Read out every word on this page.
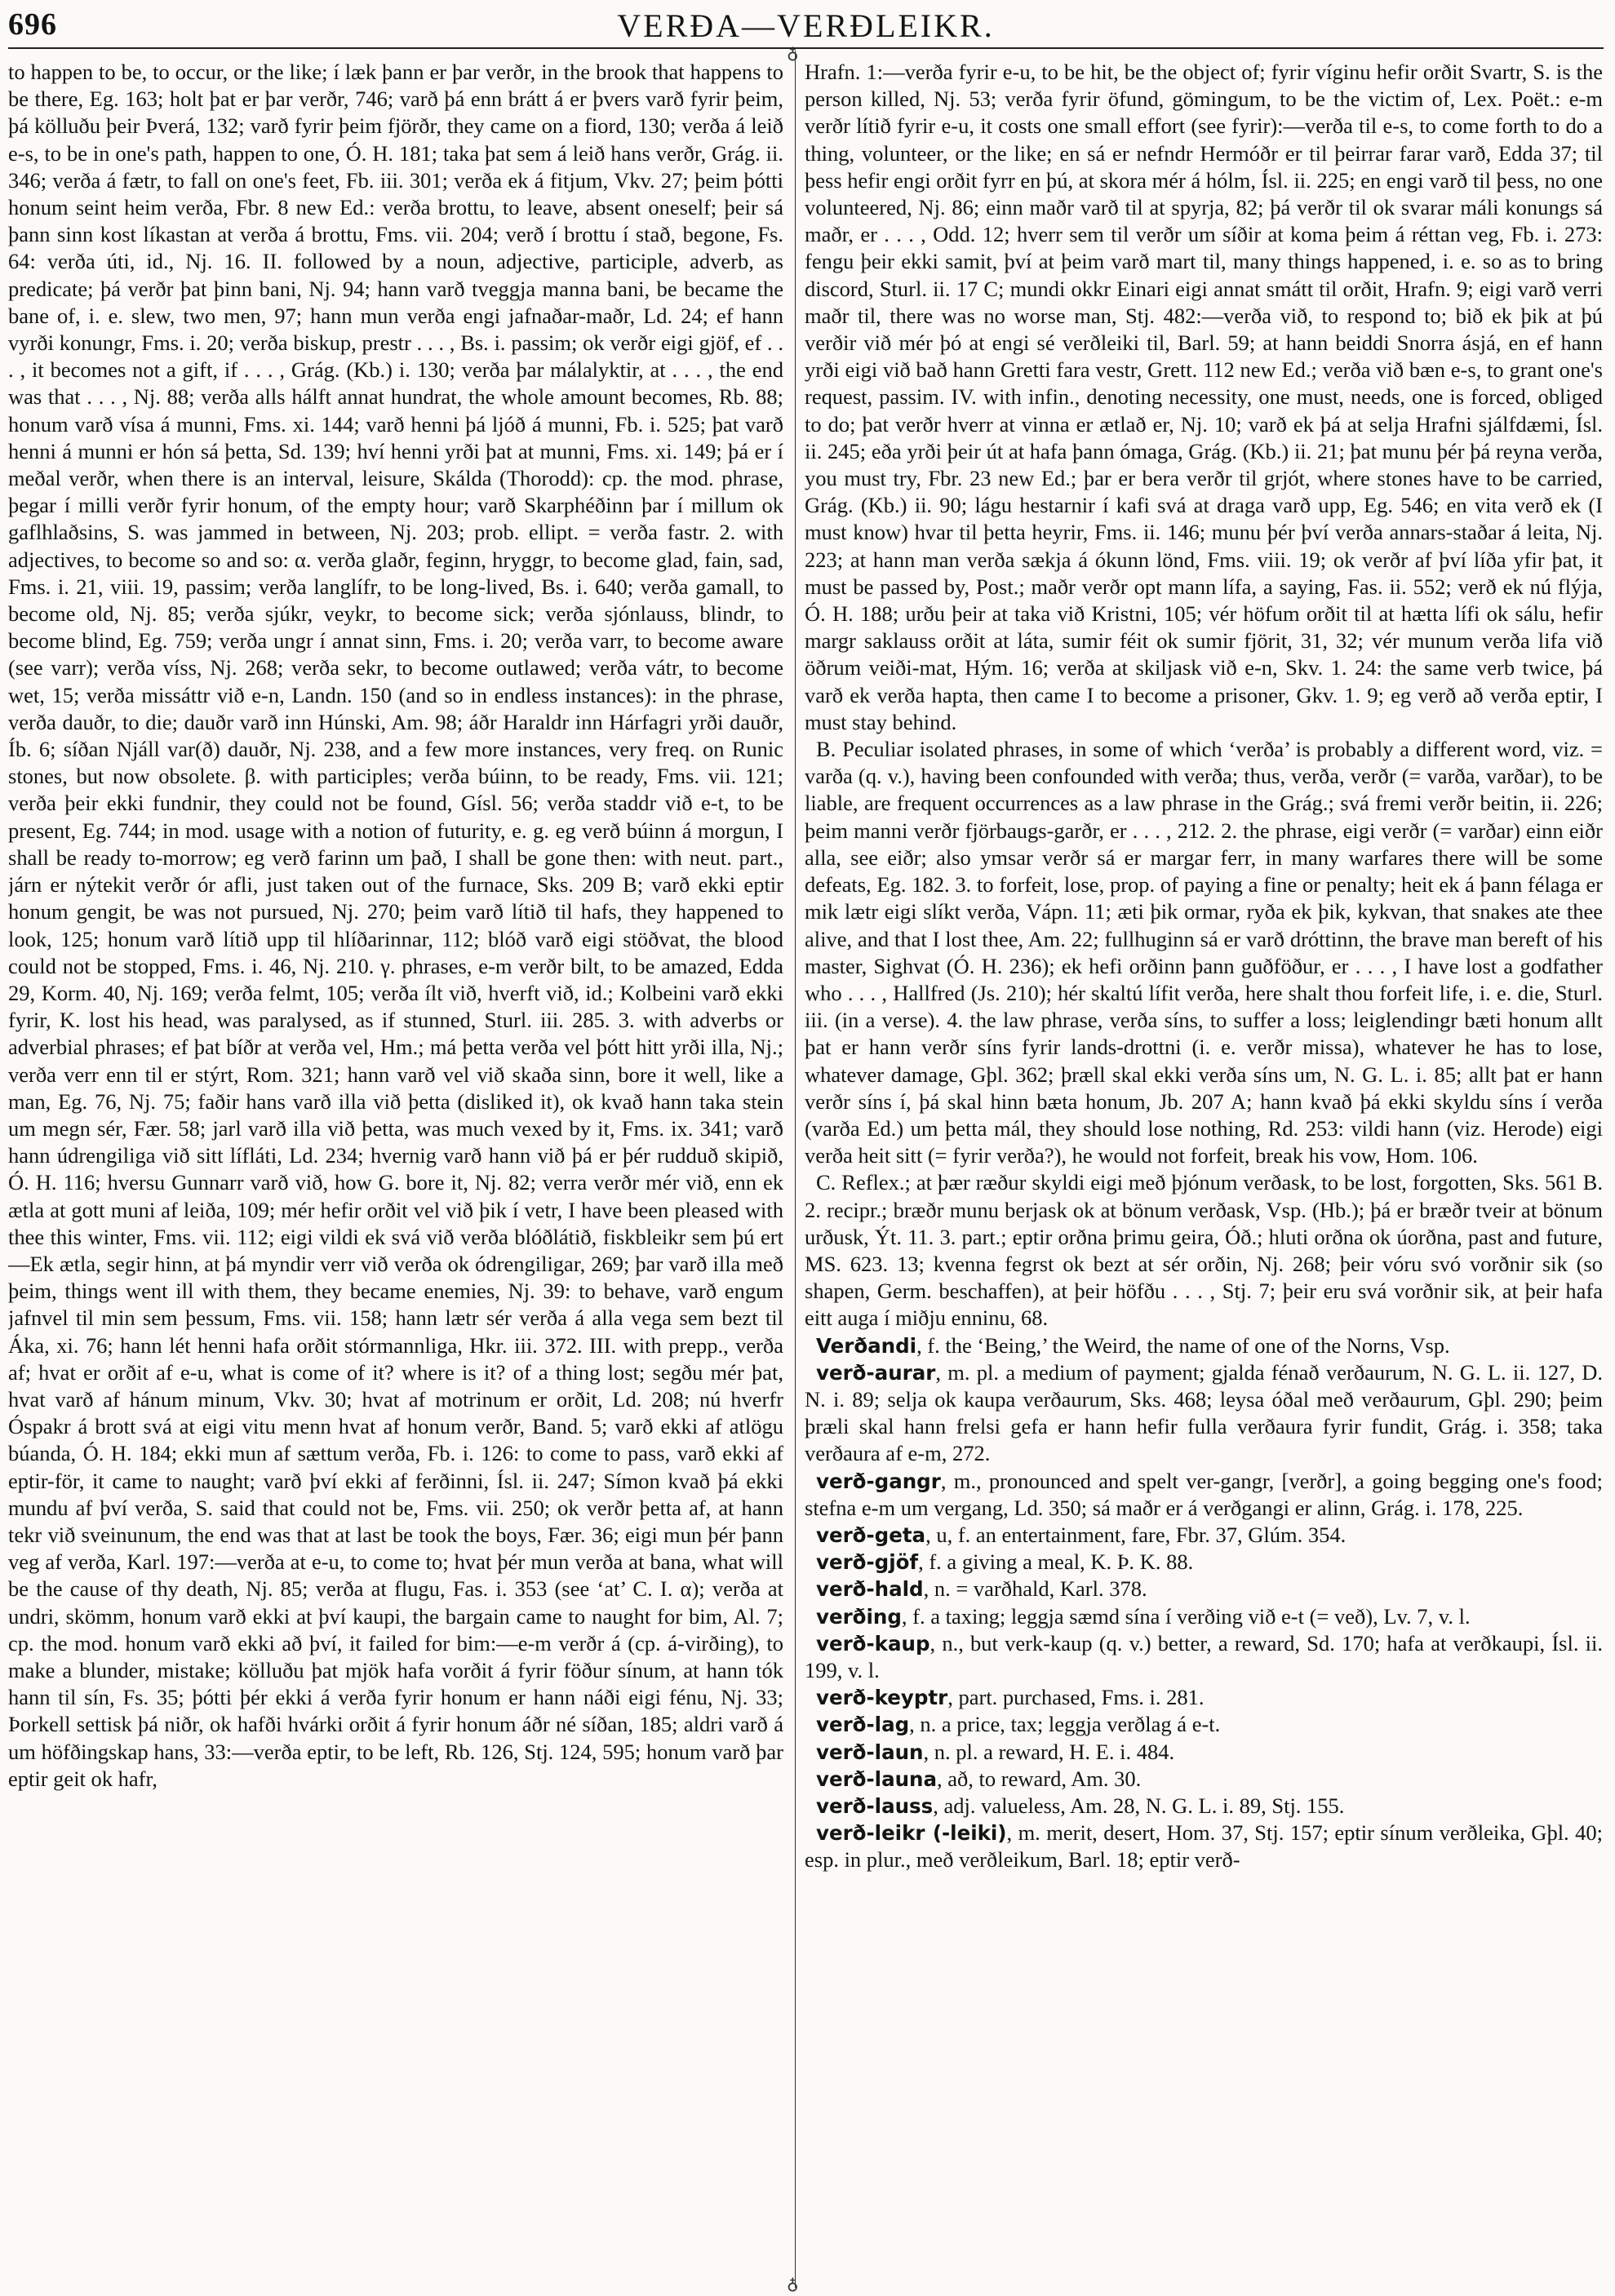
696	VERÐA—VERÐLEIKR.
♁
♁

to happen to be, to occur, or the like; í læk þann er þar verðr, in the brook that happens to be there, Eg. 163; holt þat er þar verðr, 746; varð þá enn brátt á er þvers varð fyrir þeim, þá kölluðu þeir Þverá, 132; varð fyrir þeim fjörðr, they came on a fiord, 130; verða á leið e-s, to be in one's path, happen to one, Ó. H. 181; taka þat sem á leið hans verðr, Grág. ii. 346; verða á fætr, to fall on one's feet, Fb. iii. 301; verða ek á fitjum, Vkv. 27; þeim þótti honum seint heim verða, Fbr. 8 new Ed.: verða brottu, to leave, absent oneself; þeir sá þann sinn kost líkastan at verða á brottu, Fms. vii. 204; verð í brottu í stað, begone, Fs. 64: verða úti, id., Nj. 16. II. followed by a noun, adjective, participle, adverb, as predicate; þá verðr þat þinn bani, Nj. 94; hann varð tveggja manna bani, be became the bane of, i. e. slew, two men, 97; hann mun verða engi jafnaðar-maðr, Ld. 24; ef hann vyrði konungr, Fms. i. 20; verða biskup, prestr . . . , Bs. i. passim; ok verðr eigi gjöf, ef . . . , it becomes not a gift, if . . . , Grág. (Kb.) i. 130; verða þar málalyktir, at . . . , the end was that . . . , Nj. 88; verða alls hálft annat hundrat, the whole amount becomes, Rb. 88; honum varð vísa á munni, Fms. xi. 144; varð henni þá ljóð á munni, Fb. i. 525; þat varð henni á munni er hón sá þetta, Sd. 139; hví henni yrði þat at munni, Fms. xi. 149; þá er í meðal verðr, when there is an interval, leisure, Skálda (Thorodd): cp. the mod. phrase, þegar í milli verðr fyrir honum, of the empty hour; varð Skarphéðinn þar í millum ok gaflhlaðsins, S. was jammed in between, Nj. 203; prob. ellipt. = verða fastr. 2. with adjectives, to become so and so: α. verða glaðr, feginn, hryggr, to become glad, fain, sad, Fms. i. 21, viii. 19, passim; verða langlífr, to be long-lived, Bs. i. 640; verða gamall, to become old, Nj. 85; verða sjúkr, veykr, to become sick; verða sjónlauss, blindr, to become blind, Eg. 759; verða ungr í annat sinn, Fms. i. 20; verða varr, to become aware (see varr); verða víss, Nj. 268; verða sekr, to become outlawed; verða vátr, to become wet, 15; verða missáttr við e-n, Landn. 150 (and so in endless instances): in the phrase, verða dauðr, to die; dauðr varð inn Húnski, Am. 98; áðr Haraldr inn Hárfagri yrði dauðr, Íb. 6; síðan Njáll var(ð) dauðr, Nj. 238, and a few more instances, very freq. on Runic stones, but now obsolete. β. with participles; verða búinn, to be ready, Fms. vii. 121; verða þeir ekki fundnir, they could not be found, Gísl. 56; verða staddr við e-t, to be present, Eg. 744; in mod. usage with a notion of futurity, e. g. eg verð búinn á morgun, I shall be ready to-morrow; eg verð farinn um það, I shall be gone then: with neut. part., járn er nýtekit verðr ór afli, just taken out of the furnace, Sks. 209 B; varð ekki eptir honum gengit, be was not pursued, Nj. 270; þeim varð lítið til hafs, they happened to look, 125; honum varð lítið upp til hlíðarinnar, 112; blóð varð eigi stöðvat, the blood could not be stopped, Fms. i. 46, Nj. 210. γ. phrases, e-m verðr bilt, to be amazed, Edda 29, Korm. 40, Nj. 169; verða felmt, 105; verða ílt við, hverft við, id.; Kolbeini varð ekki fyrir, K. lost his head, was paralysed, as if stunned, Sturl. iii. 285. 3. with adverbs or adverbial phrases; ef þat bíðr at verða vel, Hm.; má þetta verða vel þótt hitt yrði illa, Nj.; verða verr enn til er stýrt, Rom. 321; hann varð vel við skaða sinn, bore it well, like a man, Eg. 76, Nj. 75; faðir hans varð illa við þetta (disliked it), ok kvað hann taka stein um megn sér, Fær. 58; jarl varð illa við þetta, was much vexed by it, Fms. ix. 341; varð hann údrengiliga við sitt lífláti, Ld. 234; hvernig varð hann við þá er þér rudduð skipið, Ó. H. 116; hversu Gunnarr varð við, how G. bore it, Nj. 82; verra verðr mér við, enn ek ætla at gott muni af leiða, 109; mér hefir orðit vel við þik í vetr, I have been pleased with thee this winter, Fms. vii. 112; eigi vildi ek svá við verða blóðlátið, fiskbleikr sem þú ert—Ek ætla, segir hinn, at þá myndir verr við verða ok ódrengiligar, 269; þar varð illa með þeim, things went ill with them, they became enemies, Nj. 39: to behave, varð engum jafnvel til min sem þessum, Fms. vii. 158; hann lætr sér verða á alla vega sem bezt til Áka, xi. 76; hann lét henni hafa orðit stórmannliga, Hkr. iii. 372. III. with prepp., verða af; hvat er orðit af e-u, what is come of it? where is it? of a thing lost; segðu mér þat, hvat varð af hánum minum, Vkv. 30; hvat af motrinum er orðit, Ld. 208; nú hverfr Óspakr á brott svá at eigi vitu menn hvat af honum verðr, Band. 5; varð ekki af atlögu búanda, Ó. H. 184; ekki mun af sættum verða, Fb. i. 126: to come to pass, varð ekki af eptir-för, it came to naught; varð því ekki af ferðinni, Ísl. ii. 247; Símon kvað þá ekki mundu af því verða, S. said that could not be, Fms. vii. 250; ok verðr þetta af, at hann tekr við sveinunum, the end was that at last be took the boys, Fær. 36; eigi mun þér þann veg af verða, Karl. 197:—verða at e-u, to come to; hvat þér mun verða at bana, what will be the cause of thy death, Nj. 85; verða at flugu, Fas. i. 353 (see ‘at’ C. I. α); verða at undri, skömm, honum varð ekki at því kaupi, the bargain came to naught for bim, Al. 7; cp. the mod. honum varð ekki að því, it failed for bim:—e-m verðr á (cp. á-virðing), to make a blunder, mistake; kölluðu þat mjök hafa vorðit á fyrir föður sínum, at hann tók hann til sín, Fs. 35; þótti þér ekki á verða fyrir honum er hann náði eigi fénu, Nj. 33; Þorkell settisk þá niðr, ok hafði hvárki orðit á fyrir honum áðr né síðan, 185; aldri varð á um höfðingskap hans, 33:—verða eptir, to be left, Rb. 126, Stj. 124, 595; honum varð þar eptir geit ok hafr,

Hrafn. 1:—verða fyrir e-u, to be hit, be the object of; fyrir víginu hefir orðit Svartr, S. is the person killed, Nj. 53; verða fyrir öfund, gömingum, to be the victim of, Lex. Poët.: e-m verðr lítið fyrir e-u, it costs one small effort (see fyrir):—verða til e-s, to come forth to do a thing, volunteer, or the like; en sá er nefndr Hermóðr er til þeirrar farar varð, Edda 37; til þess hefir engi orðit fyrr en þú, at skora mér á hólm, Ísl. ii. 225; en engi varð til þess, no one volunteered, Nj. 86; einn maðr varð til at spyrja, 82; þá verðr til ok svarar máli konungs sá maðr, er . . . , Odd. 12; hverr sem til verðr um síðir at koma þeim á réttan veg, Fb. i. 273: fengu þeir ekki samit, því at þeim varð mart til, many things happened, i. e. so as to bring discord, Sturl. ii. 17 C; mundi okkr Einari eigi annat smátt til orðit, Hrafn. 9; eigi varð verri maðr til, there was no worse man, Stj. 482:—verða við, to respond to; bið ek þik at þú verðir við mér þó at engi sé verðleiki til, Barl. 59; at hann beiddi Snorra ásjá, en ef hann yrði eigi við bað hann Gretti fara vestr, Grett. 112 new Ed.; verða við bæn e-s, to grant one's request, passim. IV. with infin., denoting necessity, one must, needs, one is forced, obliged to do; þat verðr hverr at vinna er ætlað er, Nj. 10; varð ek þá at selja Hrafni sjálfdæmi, Ísl. ii. 245; eða yrði þeir út at hafa þann ómaga, Grág. (Kb.) ii. 21; þat munu þér þá reyna verða, you must try, Fbr. 23 new Ed.; þar er bera verðr til grjót, where stones have to be carried, Grág. (Kb.) ii. 90; lágu hestarnir í kafi svá at draga varð upp, Eg. 546; en vita verð ek (I must know) hvar til þetta heyrir, Fms. ii. 146; munu þér því verða annars-staðar á leita, Nj. 223; at hann man verða sækja á ókunn lönd, Fms. viii. 19; ok verðr af því líða yfir þat, it must be passed by, Post.; maðr verðr opt mann lífa, a saying, Fas. ii. 552; verð ek nú flýja, Ó. H. 188; urðu þeir at taka við Kristni, 105; vér höfum orðit til at hætta lífi ok sálu, hefir margr saklauss orðit at láta, sumir féit ok sumir fjörit, 31, 32; vér munum verða lifa við öðrum veiði-mat, Hým. 16; verða at skiljask við e-n, Skv. 1. 24: the same verb twice, þá varð ek verða hapta, then came I to become a prisoner, Gkv. 1. 9; eg verð að verða eptir, I must stay behind.

B. Peculiar isolated phrases, in some of which ‘verða’ is probably a different word, viz. = varða (q. v.), having been confounded with verða; thus, verða, verðr (= varða, varðar), to be liable, are frequent occurrences as a law phrase in the Grág.; svá fremi verðr beitin, ii. 226; þeim manni verðr fjörbaugs-garðr, er . . . , 212. 2. the phrase, eigi verðr (= varðar) einn eiðr alla, see eiðr; also ymsar verðr sá er margar ferr, in many warfares there will be some defeats, Eg. 182. 3. to forfeit, lose, prop. of paying a fine or penalty; heit ek á þann félaga er mik lætr eigi slíkt verða, Vápn. 11; æti þik ormar, ryða ek þik, kykvan, that snakes ate thee alive, and that I lost thee, Am. 22; fullhuginn sá er varð dróttinn, the brave man bereft of his master, Sighvat (Ó. H. 236); ek hefi orðinn þann guðföður, er . . . , I have lost a godfather who . . . , Hallfred (Js. 210); hér skaltú lífit verða, here shalt thou forfeit life, i. e. die, Sturl. iii. (in a verse). 4. the law phrase, verða síns, to suffer a loss; leiglendingr bæti honum allt þat er hann verðr síns fyrir lands-drottni (i. e. verðr missa), whatever he has to lose, whatever damage, Gþl. 362; þræll skal ekki verða síns um, N. G. L. i. 85; allt þat er hann verðr síns í, þá skal hinn bæta honum, Jb. 207 A; hann kvað þá ekki skyldu síns í verða (varða Ed.) um þetta mál, they should lose nothing, Rd. 253: vildi hann (viz. Herode) eigi verða heit sitt (= fyrir verða?), he would not forfeit, break his vow, Hom. 106.

C. Reflex.; at þær ræður skyldi eigi með þjónum verðask, to be lost, forgotten, Sks. 561 B. 2. recipr.; bræðr munu berjask ok at bönum verðask, Vsp. (Hb.); þá er bræðr tveir at bönum urðusk, Ýt. 11. 3. part.; eptir orðna þrimu geira, Óð.; hluti orðna ok úorðna, past and future, MS. 623. 13; kvenna fegrst ok bezt at sér orðin, Nj. 268; þeir vóru svó vorðnir sik (so shapen, Germ. beschaffen), at þeir höfðu . . . , Stj. 7; þeir eru svá vorðnir sik, at þeir hafa eitt auga í miðju enninu, 68.

Verðandi, f. the ‘Being,’ the Weird, the name of one of the Norns, Vsp.

verð-aurar, m. pl. a medium of payment; gjalda fénað verðaurum, N. G. L. ii. 127, D. N. i. 89; selja ok kaupa verðaurum, Sks. 468; leysa óðal með verðaurum, Gþl. 290; þeim þræli skal hann frelsi gefa er hann hefir fulla verðaura fyrir fundit, Grág. i. 358; taka verðaura af e-m, 272.

verð-gangr, m., pronounced and spelt ver-gangr, [verðr], a going begging one's food; stefna e-m um vergang, Ld. 350; sá maðr er á verðgangi er alinn, Grág. i. 178, 225.

verð-geta, u, f. an entertainment, fare, Fbr. 37, Glúm. 354.

verð-gjöf, f. a giving a meal, K. Þ. K. 88.

verð-hald, n. = varðhald, Karl. 378.

verðing, f. a taxing; leggja sæmd sína í verðing við e-t (= veð), Lv. 7, v. l.

verð-kaup, n., but verk-kaup (q. v.) better, a reward, Sd. 170; hafa at verðkaupi, Ísl. ii. 199, v. l.

verð-keyptr, part. purchased, Fms. i. 281.

verð-lag, n. a price, tax; leggja verðlag á e-t.

verð-laun, n. pl. a reward, H. E. i. 484.

verð-launa, að, to reward, Am. 30.

verð-lauss, adj. valueless, Am. 28, N. G. L. i. 89, Stj. 155.

verð-leikr (-leiki), m. merit, desert, Hom. 37, Stj. 157; eptir sínum verðleika, Gþl. 40; esp. in plur., með verðleikum, Barl. 18; eptir verð-
